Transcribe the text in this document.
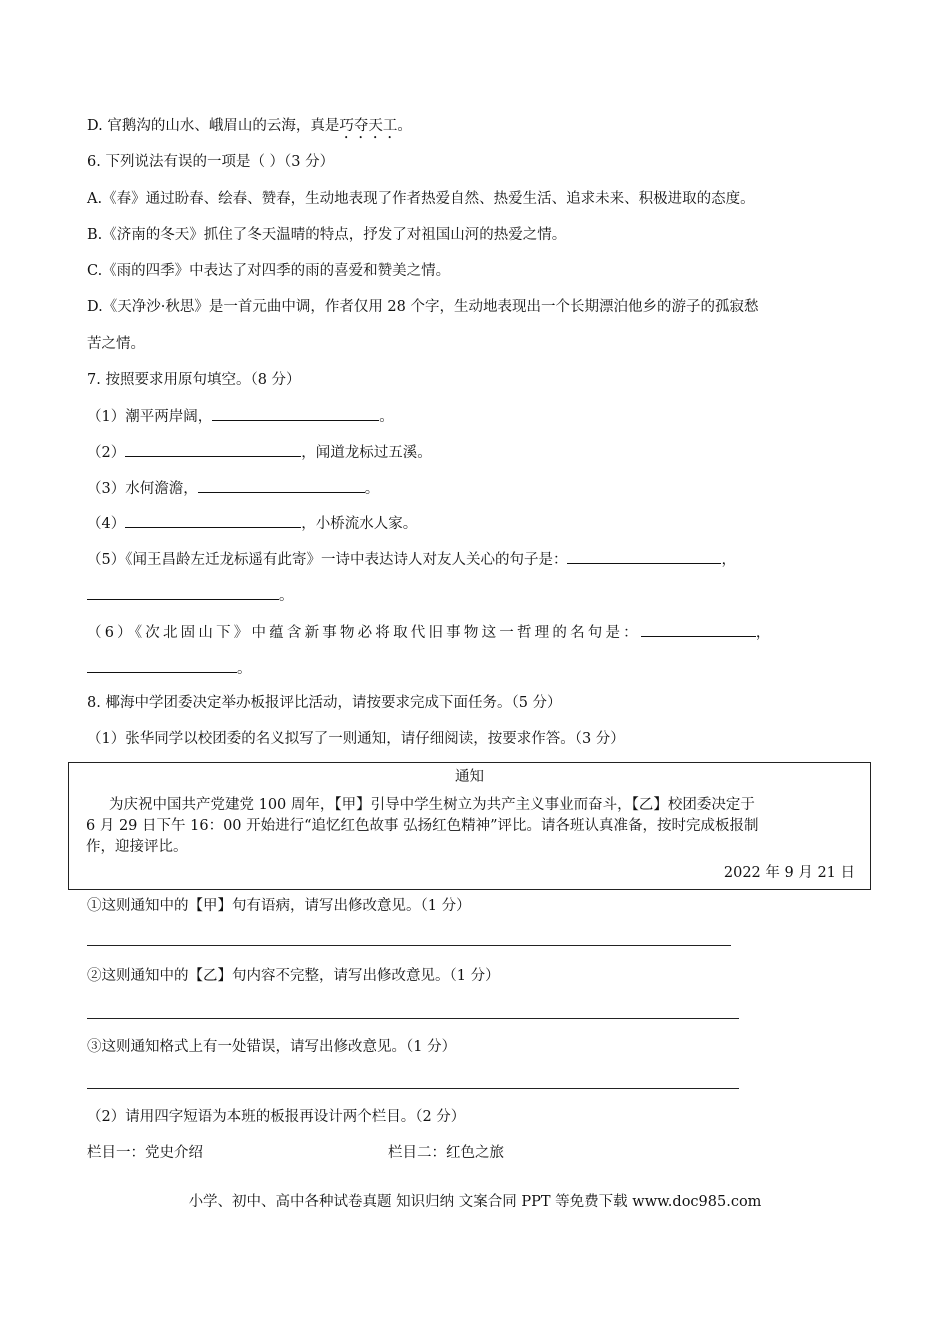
D. 官鹅沟的山水、峨眉山的云海，真是巧夺天工。
6. 下列说法有误的一项是（ ）（3 分）
A.《春》通过盼春、绘春、赞春，生动地表现了作者热爱自然、热爱生活、追求未来、积极进取的态度。
B.《济南的冬天》抓住了冬天温晴的特点，抒发了对祖国山河的热爱之情。
C.《雨的四季》中表达了对四季的雨的喜爱和赞美之情。
D.《天净沙·秋思》是一首元曲中调，作者仅用 28 个字，生动地表现出一个长期漂泊他乡的游子的孤寂愁
苦之情。
7. 按照要求用原句填空。（8 分）
（1）潮平两岸阔，	。
（2）	，闻道龙标过五溪。
（3）水何澹澹，	。
（4）	，小桥流水人家。
（5）《闻王昌龄左迁龙标遥有此寄》一诗中表达诗人对友人关心的句子是：	，
。
（6）《次北固山下》中蕴含新事物必将取代旧事物这一哲理的名句是：	，
。
8. 椰海中学团委决定举办板报评比活动，请按要求完成下面任务。（5 分）
（1）张华同学以校团委的名义拟写了一则通知，请仔细阅读，按要求作答。（3 分）
通知
为庆祝中国共产党建党 100 周年，【甲】引导中学生树立为共产主义事业而奋斗，【乙】校团委决定于
6 月 29 日下午 16：00 开始进行“追忆红色故事 弘扬红色精神”评比。请各班认真准备，按时完成板报制
作，迎接评比。
2022 年 9 月 21 日
①这则通知中的【甲】句有语病，请写出修改意见。（1 分）
②这则通知中的【乙】句内容不完整，请写出修改意见。（1 分）
③这则通知格式上有一处错误，请写出修改意见。（1 分）
（2）请用四字短语为本班的板报再设计两个栏目。（2 分）
栏目一：党史介绍	栏目二：红色之旅
小学、初中、高中各种试卷真题 知识归纳 文案合同 PPT 等免费下载 www.doc985.com
